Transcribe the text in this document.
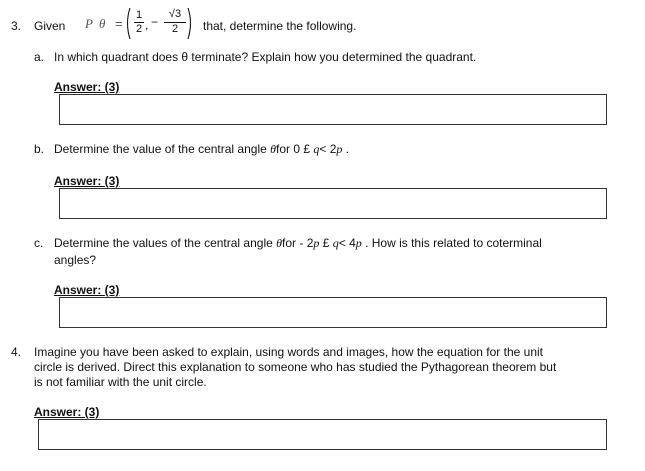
3. Given P θ =
1
2 , −
√3
2	that, determine the following.
a. In which quadrant does θ terminate? Explain how you determined the quadrant.
Answer: (3)
b. Determine the value of the central angle θfor 0 £ q< 2p .
Answer: (3)
c. Determine the values of the central angle θfor - 2p £ q< 4p . How is this related to coterminal
angles?
Answer: (3)
4. Imagine you have been asked to explain, using words and images, how the equation for the unit
circle is derived. Direct this explanation to someone who has studied the Pythagorean theorem but
is not familiar with the unit circle.
Answer: (3)
